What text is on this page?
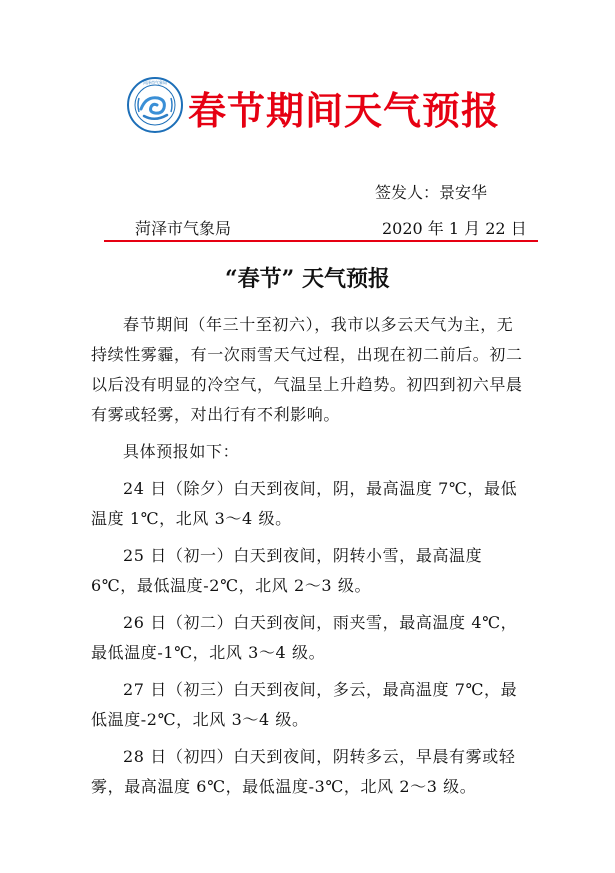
菏泽市气象局
春节期间天气预报
签发人：景安华
菏泽市气象局	2020 年 1 月 22 日
“春节” 天气预报

春节期间（年三十至初六），我市以多云天气为主，无持续性雾霾，有一次雨雪天气过程，出现在初二前后。初二以后没有明显的冷空气，气温呈上升趋势。初四到初六早晨有雾或轻雾，对出行有不利影响。

具体预报如下：

24 日（除夕）白天到夜间，阴，最高温度 7℃，最低温度 1℃，北风 3～4 级。

25 日（初一）白天到夜间，阴转小雪，最高温度 6℃，最低温度-2℃，北风 2～3 级。

26 日（初二）白天到夜间，雨夹雪，最高温度 4℃，最低温度-1℃，北风 3～4 级。

27 日（初三）白天到夜间，多云，最高温度 7℃，最低温度-2℃，北风 3～4 级。

28 日（初四）白天到夜间，阴转多云，早晨有雾或轻雾，最高温度 6℃，最低温度-3℃，北风 2～3 级。
